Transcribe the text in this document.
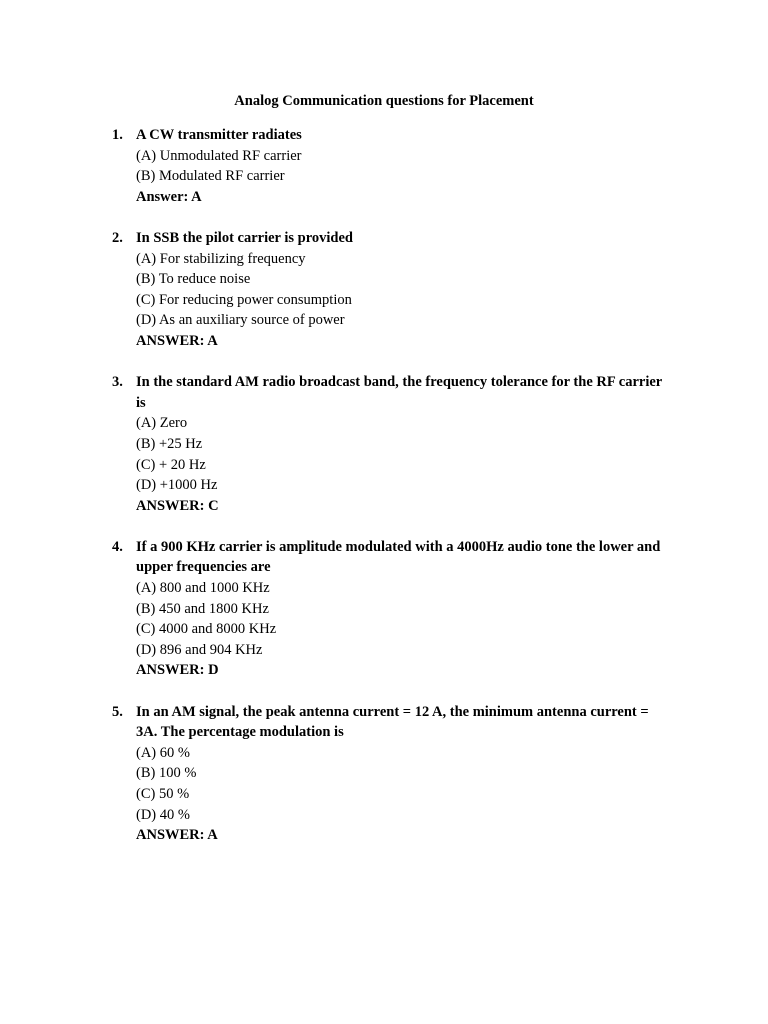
Analog Communication questions for Placement
1. A CW transmitter radiates
(A) Unmodulated RF carrier
(B) Modulated RF carrier
Answer: A
2. In SSB the pilot carrier is provided
(A) For stabilizing frequency
(B) To reduce noise
(C) For reducing power consumption
(D) As an auxiliary source of power
ANSWER: A
3. In the standard AM radio broadcast band, the frequency tolerance for the RF carrier is
(A) Zero
(B) +25 Hz
(C) + 20 Hz
(D) +1000 Hz
ANSWER: C
4. If a 900 KHz carrier is amplitude modulated with a 4000Hz audio tone the lower and upper frequencies are
(A) 800 and 1000 KHz
(B) 450 and 1800 KHz
(C) 4000 and 8000 KHz
(D) 896 and 904 KHz
ANSWER: D
5. In an AM signal, the peak antenna current = 12 A, the minimum antenna current = 3A. The percentage modulation is
(A) 60 %
(B) 100 %
(C) 50 %
(D) 40 %
ANSWER: A
